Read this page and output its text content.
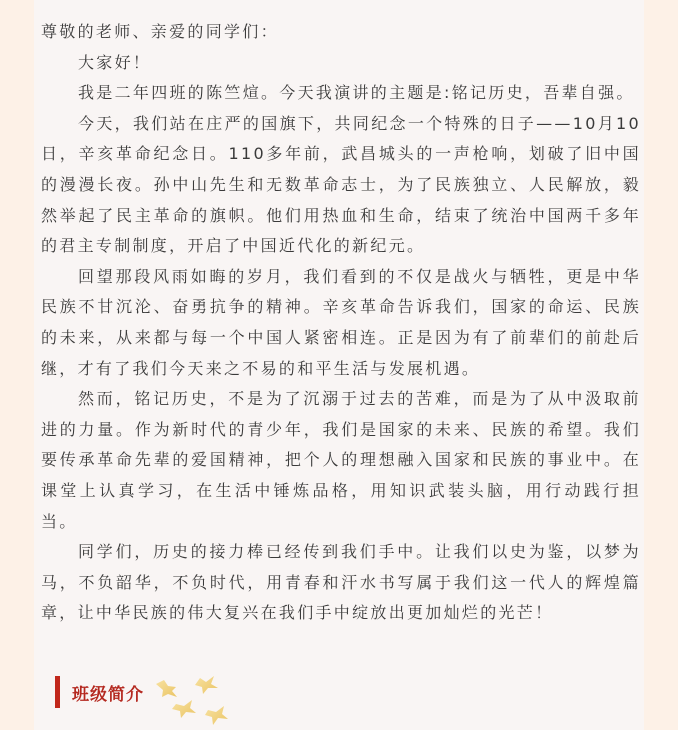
尊敬的老师、亲爱的同学们：

大家好！

我是二年四班的陈竺煊。今天我演讲的主题是:铭记历史，吾辈自强。

今天，我们站在庄严的国旗下，共同纪念一个特殊的日子——10月10日，辛亥革命纪念日。110多年前，武昌城头的一声枪响，划破了旧中国的漫漫长夜。孙中山先生和无数革命志士，为了民族独立、人民解放，毅然举起了民主革命的旗帜。他们用热血和生命，结束了统治中国两千多年的君主专制制度，开启了中国近代化的新纪元。

回望那段风雨如晦的岁月，我们看到的不仅是战火与牺牲，更是中华民族不甘沉沦、奋勇抗争的精神。辛亥革命告诉我们，国家的命运、民族的未来，从来都与每一个中国人紧密相连。正是因为有了前辈们的前赴后继，才有了我们今天来之不易的和平生活与发展机遇。

然而，铭记历史，不是为了沉溺于过去的苦难，而是为了从中汲取前进的力量。作为新时代的青少年，我们是国家的未来、民族的希望。我们要传承革命先辈的爱国精神，把个人的理想融入国家和民族的事业中。在课堂上认真学习，在生活中锤炼品格，用知识武装头脑，用行动践行担当。

同学们，历史的接力棒已经传到我们手中。让我们以史为鉴，以梦为马，不负韶华，不负时代，用青春和汗水书写属于我们这一代人的辉煌篇章，让中华民族的伟大复兴在我们手中绽放出更加灿烂的光芒！

班级简介
